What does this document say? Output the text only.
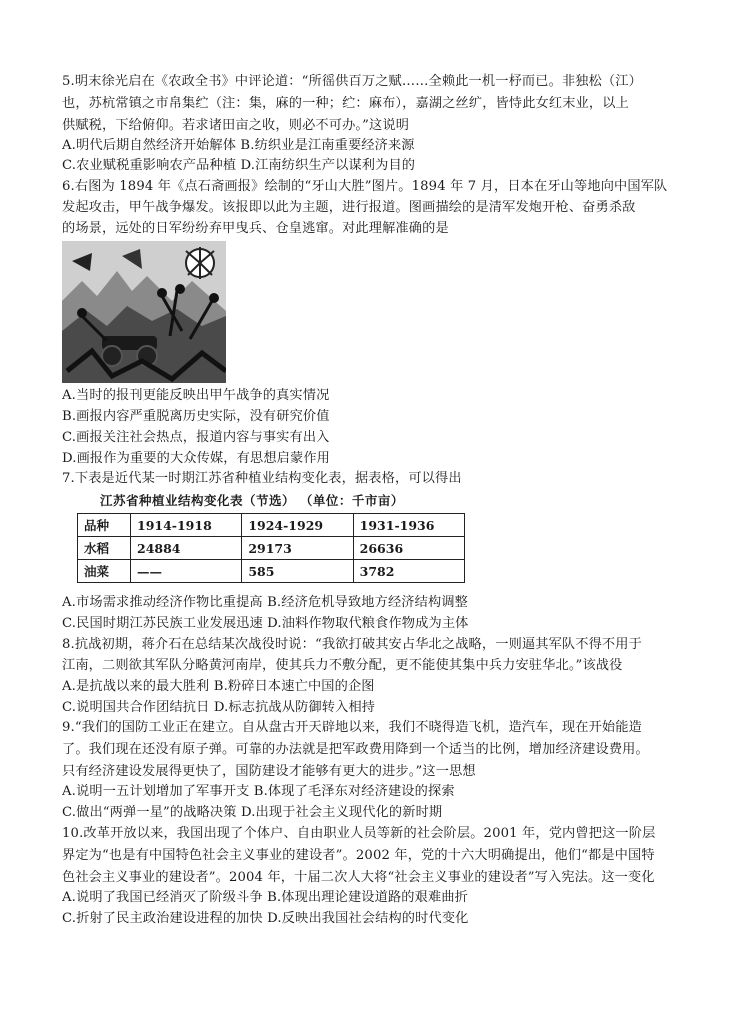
5.明末徐光启在《农政全书》中评论道：“所徭供百万之赋……全赖此一机一杼而已。非独松（江）
也，苏杭常镇之市帛集纻（注：集，麻的一种；纻：麻布），嘉湖之丝纩，皆恃此女红末业，以上
供赋税，下给俯仰。若求诸田亩之收，则必不可办。”这说明
A.明代后期自然经济开始解体 B.纺织业是江南重要经济来源
C.农业赋税重影响农产品种植 D.江南纺织生产以谋利为目的
6.右图为 1894 年《点石斋画报》绘制的“牙山大胜”图片。1894 年 7 月，日本在牙山等地向中国军队
发起攻击，甲午战争爆发。该报即以此为主题，进行报道。图画描绘的是清军发炮开枪、奋勇杀敌
的场景，远处的日军纷纷弃甲曳兵、仓皇逃窜。对此理解准确的是
A.当时的报刊更能反映出甲午战争的真实情况
B.画报内容严重脱离历史实际，没有研究价值
C.画报关注社会热点，报道内容与事实有出入
D.画报作为重要的大众传媒，有思想启蒙作用
7.下表是近代某一时期江苏省种植业结构变化表，据表格，可以得出
江苏省种植业结构变化表（节选） （单位：千市亩）
品种	1914-1918	1924-1929	1931-1936
水稻	24884	29173	26636
油菜	——	585	3782
A.市场需求推动经济作物比重提高 B.经济危机导致地方经济结构调整
C.民国时期江苏民族工业发展迅速 D.油料作物取代粮食作物成为主体
8.抗战初期，蒋介石在总结某次战役时说：“我欲打破其安占华北之战略，一则逼其军队不得不用于
江南，二则欲其军队分略黄河南岸，使其兵力不敷分配，更不能使其集中兵力安驻华北。”该战役
A.是抗战以来的最大胜利 B.粉碎日本速亡中国的企图
C.说明国共合作团结抗日 D.标志抗战从防御转入相持
9.“我们的国防工业正在建立。自从盘古开天辟地以来，我们不晓得造飞机，造汽车，现在开始能造
了。我们现在还没有原子弹。可靠的办法就是把军政费用降到一个适当的比例，增加经济建设费用。
只有经济建设发展得更快了，国防建设才能够有更大的进步。”这一思想
A.说明一五计划增加了军事开支 B.体现了毛泽东对经济建设的探索
C.做出“两弹一星”的战略决策 D.出现于社会主义现代化的新时期
10.改革开放以来，我国出现了个体户、自由职业人员等新的社会阶层。2001 年，党内曾把这一阶层
界定为“也是有中国特色社会主义事业的建设者”。2002 年，党的十六大明确提出，他们“都是中国特
色社会主义事业的建设者”。2004 年，十届二次人大将“社会主义事业的建设者”写入宪法。这一变化
A.说明了我国已经消灭了阶级斗争 B.体现出理论建设道路的艰难曲折
C.折射了民主政治建设进程的加快 D.反映出我国社会结构的时代变化
